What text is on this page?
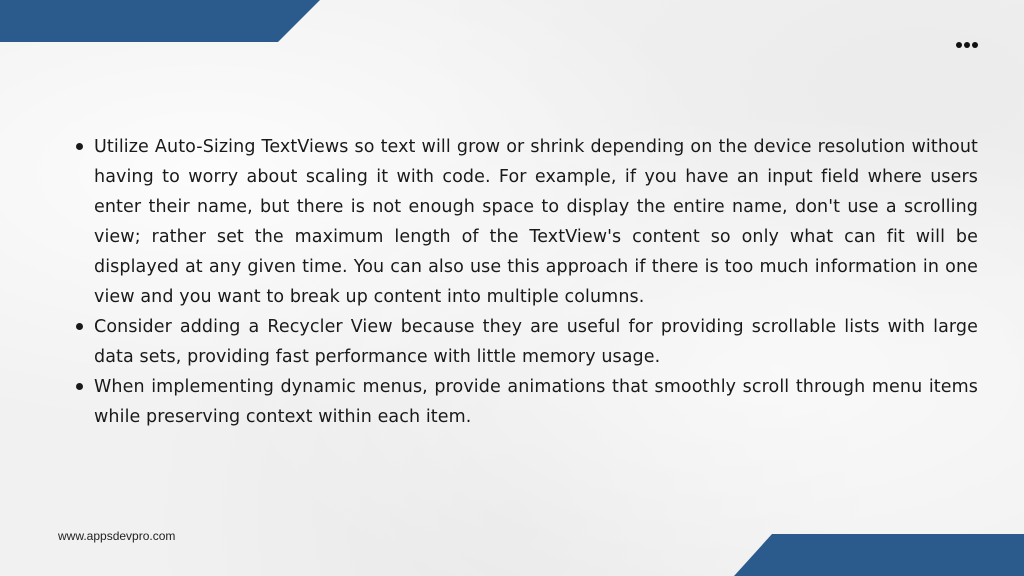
Utilize Auto-Sizing TextViews so text will grow or shrink depending on the device resolution without having to worry about scaling it with code. For example, if you have an input field where users enter their name, but there is not enough space to display the entire name, don't use a scrolling view; rather set the maximum length of the TextView's content so only what can fit will be displayed at any given time. You can also use this approach if there is too much information in one view and you want to break up content into multiple columns.
Consider adding a Recycler View because they are useful for providing scrollable lists with large data sets, providing fast performance with little memory usage.
When implementing dynamic menus, provide animations that smoothly scroll through menu items while preserving context within each item.
www.appsdevpro.com
